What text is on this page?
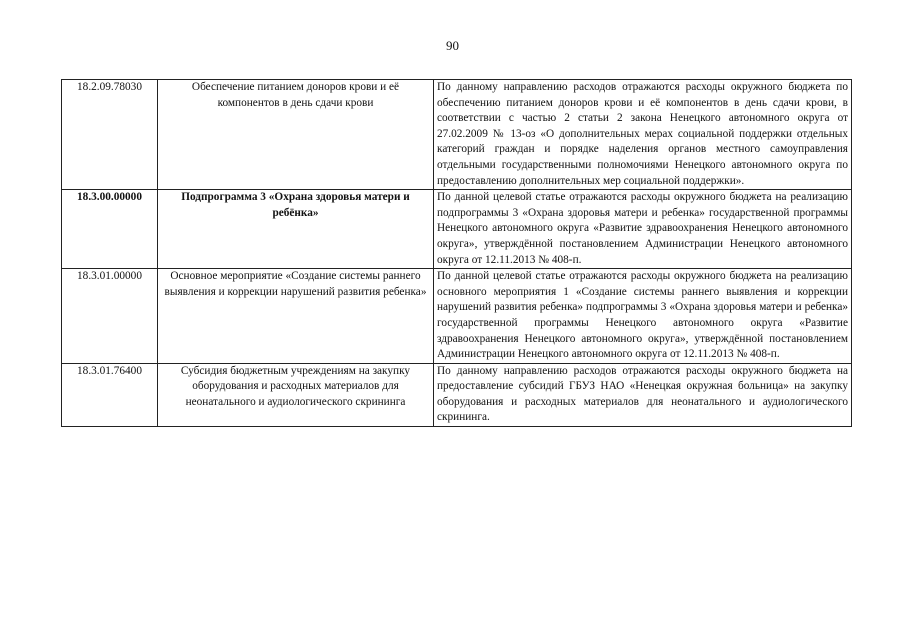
90
18.2.09.78030	Обеспечение питанием доноров крови и её компонентов в день сдачи крови	По данному направлению расходов отражаются расходы окружного бюджета по обеспечению питанием доноров крови и её компонентов в день сдачи крови, в соответствии с частью 2 статьи 2 закона Ненецкого автономного округа от 27.02.2009 № 13-оз «О дополнительных мерах социальной поддержки отдельных категорий граждан и порядке наделения органов местного самоуправления отдельными государственными полномочиями Ненецкого автономного округа по предоставлению дополнительных мер социальной поддержки».
18.3.00.00000	Подпрограмма 3 «Охрана здоровья матери и ребёнка»	По данной целевой статье отражаются расходы окружного бюджета на реализацию подпрограммы 3 «Охрана здоровья матери и ребенка» государственной программы Ненецкого автономного округа «Развитие здравоохранения Ненецкого автономного округа», утверждённой постановлением Администрации Ненецкого автономного округа от 12.11.2013 № 408-п.
18.3.01.00000	Основное мероприятие «Создание системы раннего выявления и коррекции нарушений развития ребенка»	По данной целевой статье отражаются расходы окружного бюджета на реализацию основного мероприятия 1 «Создание системы раннего выявления и коррекции нарушений развития ребенка» подпрограммы 3 «Охрана здоровья матери и ребенка» государственной программы Ненецкого автономного округа «Развитие здравоохранения Ненецкого автономного округа», утверждённой постановлением Администрации Ненецкого автономного округа от 12.11.2013 № 408-п.
18.3.01.76400	Субсидия бюджетным учреждениям на закупку оборудования и расходных материалов для неонатального и аудиологического скрининга	По данному направлению расходов отражаются расходы окружного бюджета на предоставление субсидий ГБУЗ НАО «Ненецкая окружная больница» на закупку оборудования и расходных материалов для неонатального и аудиологического скрининга.
